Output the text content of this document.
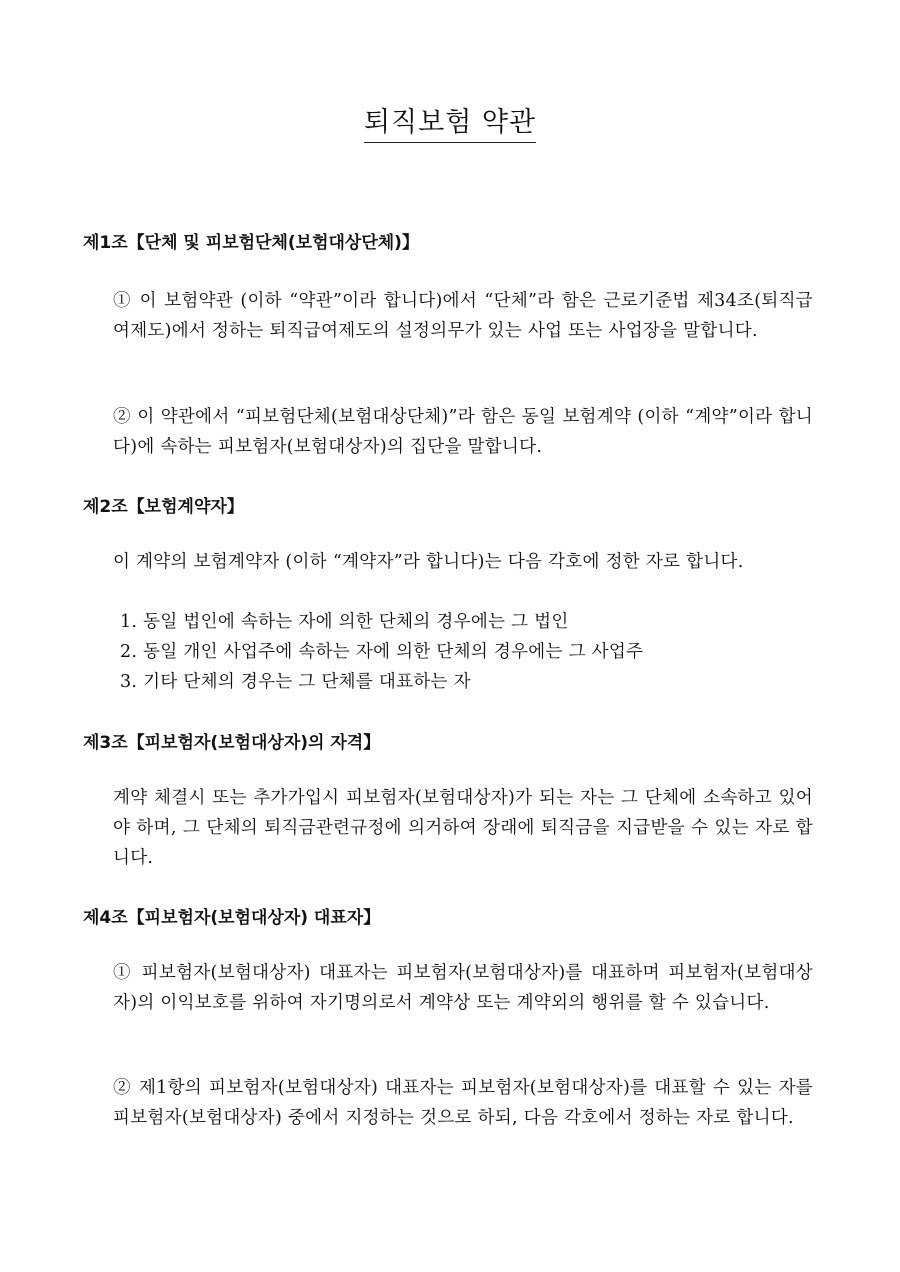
퇴직보험 약관
제1조【단체 및 피보험단체(보험대상단체)】

① 이 보험약관 (이하 “약관”이라 합니다)에서 “단체”라 함은 근로기준법 제34조(퇴직급여제도)에서 정하는 퇴직급여제도의 설정의무가 있는 사업 또는 사업장을 말합니다.

② 이 약관에서 “피보험단체(보험대상단체)”라 함은 동일 보험계약 (이하 “계약”이라 합니다)에 속하는 피보험자(보험대상자)의 집단을 말합니다.

제2조【보험계약자】

이 계약의 보험계약자 (이하 “계약자”라 합니다)는 다음 각호에 정한 자로 합니다.

1. 동일 법인에 속하는 자에 의한 단체의 경우에는 그 법인
2. 동일 개인 사업주에 속하는 자에 의한 단체의 경우에는 그 사업주
3. 기타 단체의 경우는 그 단체를 대표하는 자
제3조【피보험자(보험대상자)의 자격】

계약 체결시 또는 추가가입시 피보험자(보험대상자)가 되는 자는 그 단체에 소속하고 있어야 하며, 그 단체의 퇴직금관련규정에 의거하여 장래에 퇴직금을 지급받을 수 있는 자로 합니다.

제4조【피보험자(보험대상자) 대표자】

① 피보험자(보험대상자) 대표자는 피보험자(보험대상자)를 대표하며 피보험자(보험대상자)의 이익보호를 위하여 자기명의로서 계약상 또는 계약외의 행위를 할 수 있습니다.

② 제1항의 피보험자(보험대상자) 대표자는 피보험자(보험대상자)를 대표할 수 있는 자를 피보험자(보험대상자) 중에서 지정하는 것으로 하되, 다음 각호에서 정하는 자로 합니다.
